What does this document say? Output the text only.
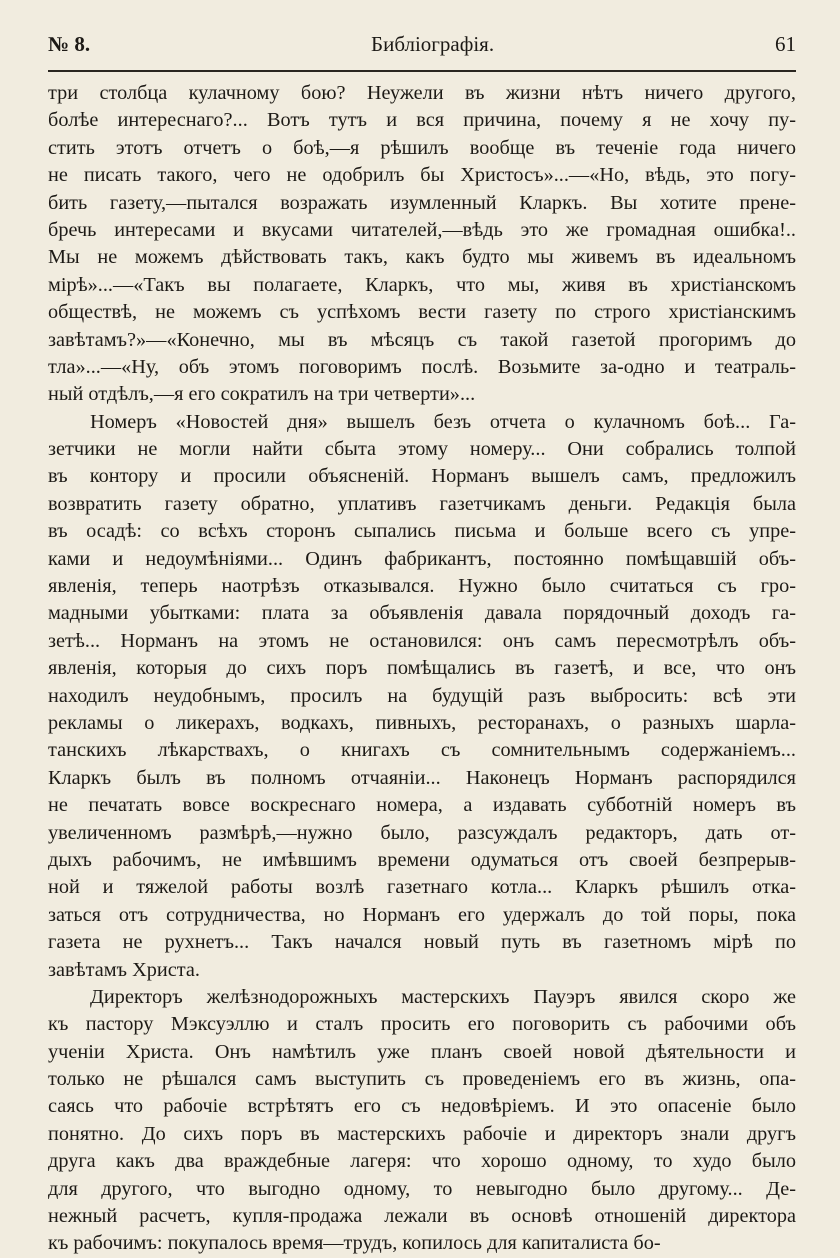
№ 8.	Библіографія.	61
три столбца кулачному бою? Неужели въ жизни нѣтъ ничего другого,
болѣе интереснаго?... Вотъ тутъ и вся причина, почему я не хочу пу-
стить этотъ отчетъ о боѣ,—я рѣшилъ вообще въ теченіе года ничего
не писать такого, чего не одобрилъ бы Христосъ»...—«Но, вѣдь, это погу-
бить газету,—пытался возражать изумленный Кларкъ. Вы хотите прене-
бречь интересами и вкусами читателей,—вѣдь это же громадная ошибка!..
Мы не можемъ дѣйствовать такъ, какъ будто мы живемъ въ идеальномъ
мірѣ»...—«Такъ вы полагаете, Кларкъ, что мы, живя въ христіанскомъ
обществѣ, не можемъ съ успѣхомъ вести газету по строго христіанскимъ
завѣтамъ?»—«Конечно, мы въ мѣсяцъ съ такой газетой прогоримъ до
тла»...—«Ну, объ этомъ поговоримъ послѣ. Возьмите за-одно и театраль-
ный отдѣлъ,—я его сократилъ на три четверти»...
Номеръ «Новостей дня» вышелъ безъ отчета о кулачномъ боѣ... Га-
зетчики не могли найти сбыта этому номеру... Они собрались толпой
въ контору и просили объясненій. Норманъ вышелъ самъ, предложилъ
возвратить газету обратно, уплативъ газетчикамъ деньги. Редакція была
въ осадѣ: со всѣхъ сторонъ сыпались письма и больше всего съ упре-
ками и недоумѣніями... Одинъ фабрикантъ, постоянно помѣщавшій объ-
явленія, теперь наотрѣзъ отказывался. Нужно было считаться съ гро-
мадными убытками: плата за объявленія давала порядочный доходъ га-
зетѣ... Норманъ на этомъ не остановился: онъ самъ пересмотрѣлъ объ-
явленія, которыя до сихъ поръ помѣщались въ газетѣ, и все, что онъ
находилъ неудобнымъ, просилъ на будущій разъ выбросить: всѣ эти
рекламы о ликерахъ, водкахъ, пивныхъ, ресторанахъ, о разныхъ шарла-
танскихъ лѣкарствахъ, о книгахъ съ сомнительнымъ содержаніемъ...
Кларкъ былъ въ полномъ отчаяніи... Наконецъ Норманъ распорядился
не печатать вовсе воскреснаго номера, а издавать субботній номеръ въ
увеличенномъ размѣрѣ,—нужно было, разсуждалъ редакторъ, дать от-
дыхъ рабочимъ, не имѣвшимъ времени одуматься отъ своей безпрерыв-
ной и тяжелой работы возлѣ газетнаго котла... Кларкъ рѣшилъ отка-
заться отъ сотрудничества, но Норманъ его удержалъ до той поры, пока
газета не рухнетъ... Такъ начался новый путь въ газетномъ мірѣ по
завѣтамъ Христа.
Директоръ желѣзнодорожныхъ мастерскихъ Пауэръ явился скоро же
къ пастору Мэксуэллю и сталъ просить его поговорить съ рабочими объ
ученіи Христа. Онъ намѣтилъ уже планъ своей новой дѣятельности и
только не рѣшался самъ выступить съ проведеніемъ его въ жизнь, опа-
саясь что рабочіе встрѣтятъ его съ недовѣріемъ. И это опасеніе было
понятно. До сихъ поръ въ мастерскихъ рабочіе и директоръ знали другъ
друга какъ два враждебные лагеря: что хорошо одному, то худо было
для другого, что выгодно одному, то невыгодно было другому... Де-
нежный расчетъ, купля-продажа лежали въ основѣ отношеній директора
къ рабочимъ: покупалось время—трудъ, копилось для капиталиста бо-
